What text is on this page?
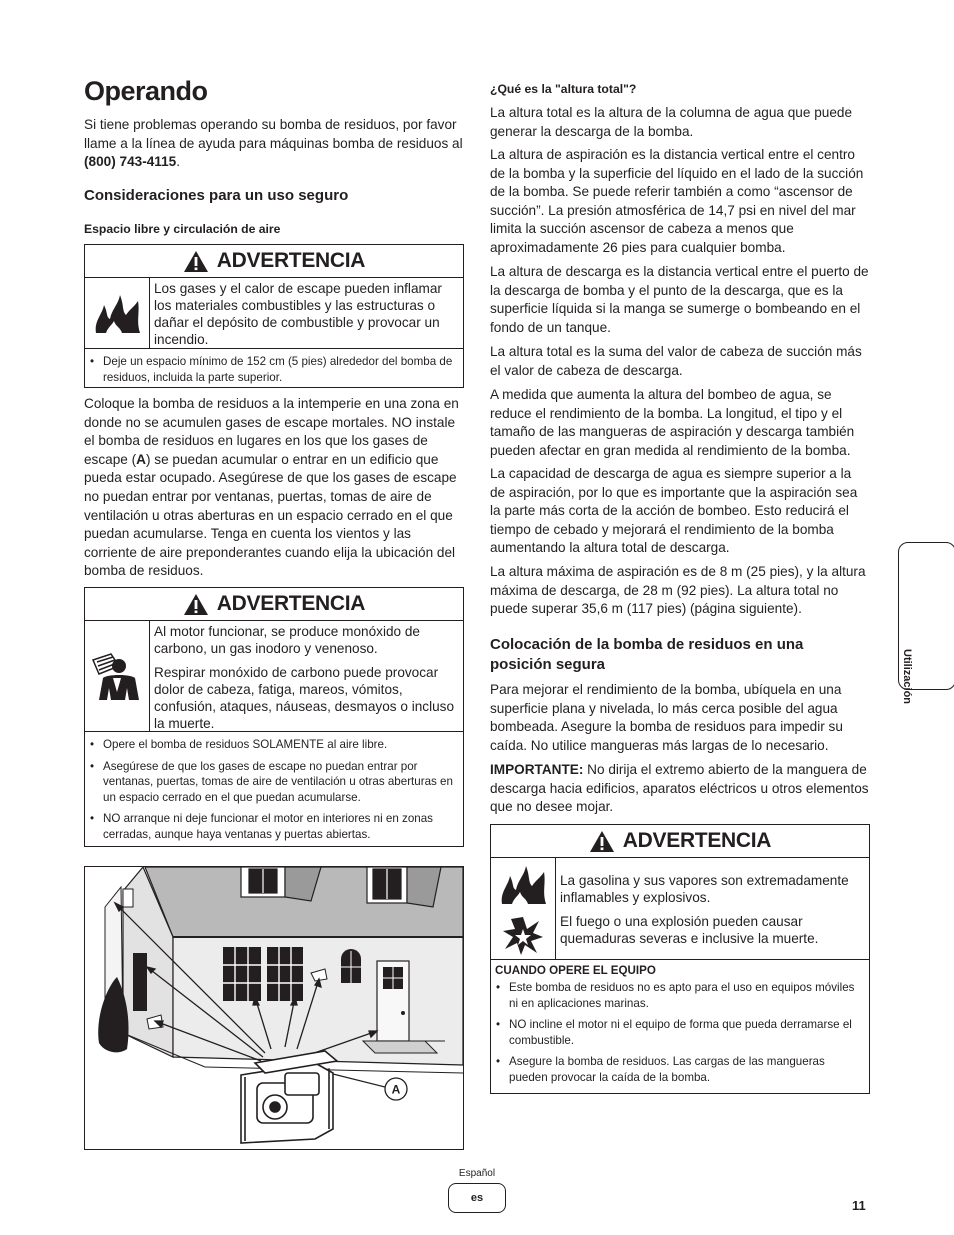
Operando

Si tiene problemas operando su bomba de residuos, por favor llame a la línea de ayuda para máquinas bomba de residuos al (800) 743-4115.

Consideraciones para un uso seguro
Espacio libre y circulación de aire
ADVERTENCIA
Los gases y el calor de escape pueden inflamar los materiales combustibles y las estructuras o dañar el depósito de combustible y provocar un incendio.
• Deje un espacio mínimo de 152 cm (5 pies) alrededor del bomba de residuos, incluida la parte superior.

Coloque la bomba de residuos a la intemperie en una zona en donde no se acumulen gases de escape mortales. NO instale el bomba de residuos en lugares en los que los gases de escape (A) se puedan acumular o entrar en un edificio que pueda estar ocupado. Asegúrese de que los gases de escape no puedan entrar por ventanas, puertas, tomas de aire de ventilación u otras aberturas en un espacio cerrado en el que puedan acumularse. Tenga en cuenta los vientos y las corriente de aire preponderantes cuando elija la ubicación del bomba de residuos.

ADVERTENCIA

Al motor funcionar, se produce monóxido de carbono, un gas inodoro y venenoso.

Respirar monóxido de carbono puede provocar dolor de cabeza, fatiga, mareos, vómitos, confusión, ataques, náuseas, desmayos o incluso la muerte.

• Opere el bomba de residuos SOLAMENTE al aire libre.
• Asegúrese de que los gases de escape no puedan entrar por ventanas, puertas, tomas de aire de ventilación u otras aberturas en un espacio cerrado en el que puedan acumularse.
• NO arranque ni deje funcionar el motor en interiores ni en zonas cerradas, aunque haya ventanas y puertas abiertas.
A
¿Qué es la "altura total"?

La altura total es la altura de la columna de agua que puede generar la descarga de la bomba.

La altura de aspiración es la distancia vertical entre el centro de la bomba y la superficie del líquido en el lado de la succión de la bomba. Se puede referir también a como “ascensor de succión”. La presión atmosférica de 14,7 psi en nivel del mar limita la succión ascensor de cabeza a menos que aproximadamente 26 pies para cualquier bomba.

La altura de descarga es la distancia vertical entre el puerto de la descarga de bomba y el punto de la descarga, que es la superficie líquida si la manga se sumerge o bombeando en el fondo de un tanque.

La altura total es la suma del valor de cabeza de succión más el valor de cabeza de descarga.

A medida que aumenta la altura del bombeo de agua, se reduce el rendimiento de la bomba. La longitud, el tipo y el tamaño de las mangueras de aspiración y descarga también pueden afectar en gran medida al rendimiento de la bomba.

La capacidad de descarga de agua es siempre superior a la de aspiración, por lo que es importante que la aspiración sea la parte más corta de la acción de bombeo. Esto reducirá el tiempo de cebado y mejorará el rendimiento de la bomba aumentando la altura total de descarga.

La altura máxima de aspiración es de 8 m (25 pies), y la altura máxima de descarga, de 28 m (92 pies). La altura total no puede superar 35,6 m (117 pies) (página siguiente).

Colocación de la bomba de residuos en una posición segura

Para mejorar el rendimiento de la bomba, ubíquela en una superficie plana y nivelada, lo más cerca posible del agua bombeada. Asegure la bomba de residuos para impedir su caída. No utilice mangueras más largas de lo necesario.

IMPORTANTE: No dirija el extremo abierto de la manguera de descarga hacia edificios, aparatos eléctricos u otros elementos que no desee mojar.

ADVERTENCIA

La gasolina y sus vapores son extremadamente inflamables y explosivos.

El fuego o una explosión pueden causar quemaduras severas e inclusive la muerte.

CUANDO OPERE EL EQUIPO
• Este bomba de residuos no es apto para el uso en equipos móviles ni en aplicaciones marinas.
• NO incline el motor ni el equipo de forma que pueda derramarse el combustible.
• Asegure la bomba de residuos. Las cargas de las mangueras pueden provocar la caída de la bomba.
Utilización
Español
es	11
